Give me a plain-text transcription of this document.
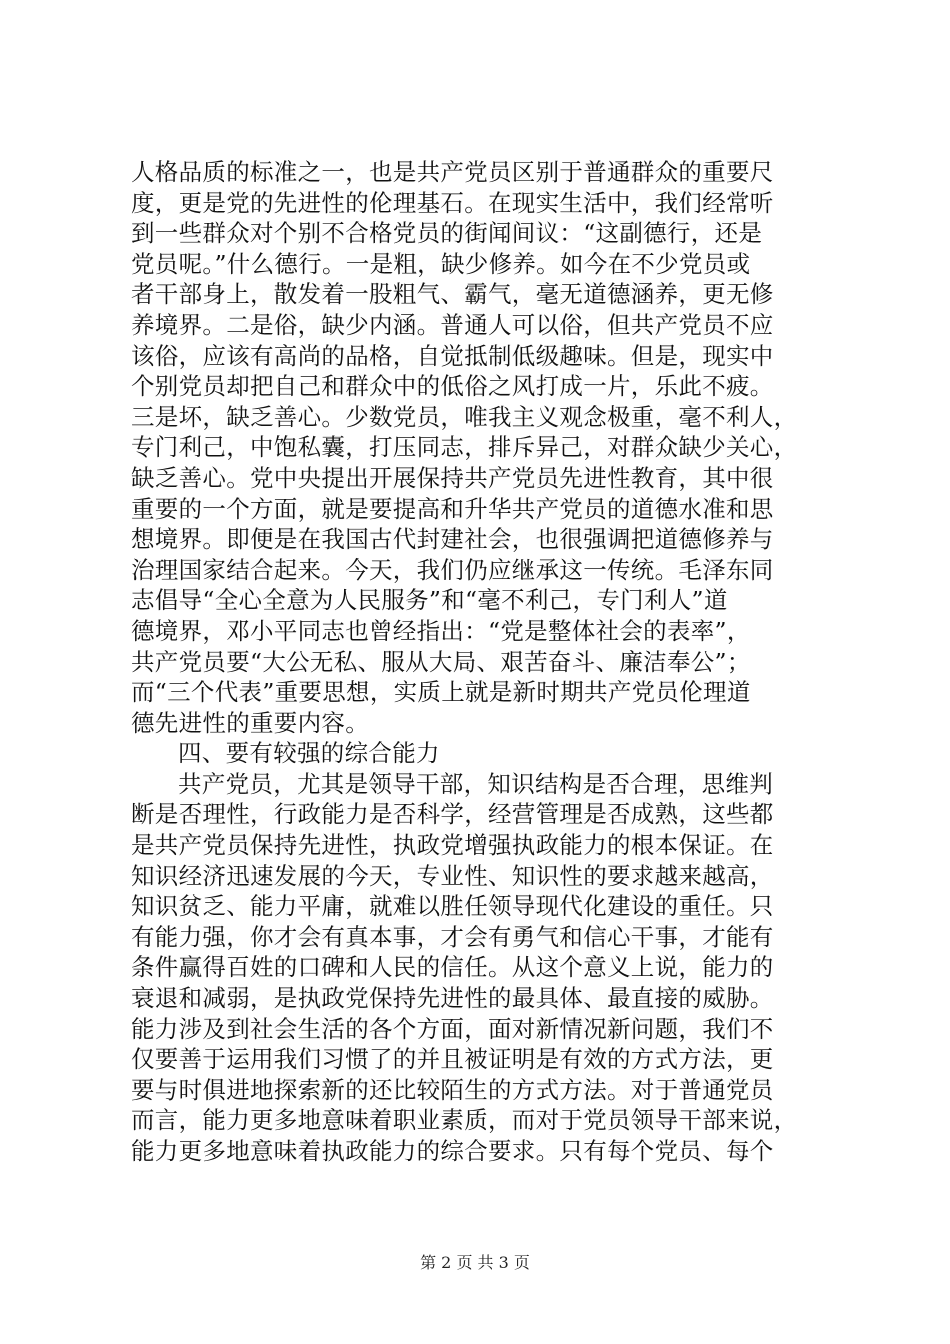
人格品质的标准之一，也是共产党员区别于普通群众的重要尺
度，更是党的先进性的伦理基石。在现实生活中，我们经常听
到一些群众对个别不合格党员的街闻间议：“这副德行，还是
党员呢。”什么德行。一是粗，缺少修养。如今在不少党员或
者干部身上，散发着一股粗气、霸气，毫无道德涵养，更无修
养境界。二是俗，缺少内涵。普通人可以俗，但共产党员不应
该俗，应该有高尚的品格，自觉抵制低级趣味。但是，现实中
个别党员却把自己和群众中的低俗之风打成一片，乐此不疲。
三是坏，缺乏善心。少数党员，唯我主义观念极重，毫不利人，
专门利己，中饱私囊，打压同志，排斥异己，对群众缺少关心，
缺乏善心。党中央提出开展保持共产党员先进性教育，其中很
重要的一个方面，就是要提高和升华共产党员的道德水准和思
想境界。即便是在我国古代封建社会，也很强调把道德修养与
治理国家结合起来。今天，我们仍应继承这一传统。毛泽东同
志倡导“全心全意为人民服务”和“毫不利己，专门利人”道
德境界，邓小平同志也曾经指出：“党是整体社会的表率”，
共产党员要“大公无私、服从大局、艰苦奋斗、廉洁奉公”；
而“三个代表”重要思想，实质上就是新时期共产党员伦理道
德先进性的重要内容。
四、要有较强的综合能力
共产党员，尤其是领导干部，知识结构是否合理，思维判
断是否理性，行政能力是否科学，经营管理是否成熟，这些都
是共产党员保持先进性，执政党增强执政能力的根本保证。在
知识经济迅速发展的今天，专业性、知识性的要求越来越高，
知识贫乏、能力平庸，就难以胜任领导现代化建设的重任。只
有能力强，你才会有真本事，才会有勇气和信心干事，才能有
条件赢得百姓的口碑和人民的信任。从这个意义上说，能力的
衰退和减弱，是执政党保持先进性的最具体、最直接的威胁。
能力涉及到社会生活的各个方面，面对新情况新问题，我们不
仅要善于运用我们习惯了的并且被证明是有效的方式方法，更
要与时俱进地探索新的还比较陌生的方式方法。对于普通党员
而言，能力更多地意味着职业素质，而对于党员领导干部来说，
能力更多地意味着执政能力的综合要求。只有每个党员、每个
第 2 页 共 3 页
